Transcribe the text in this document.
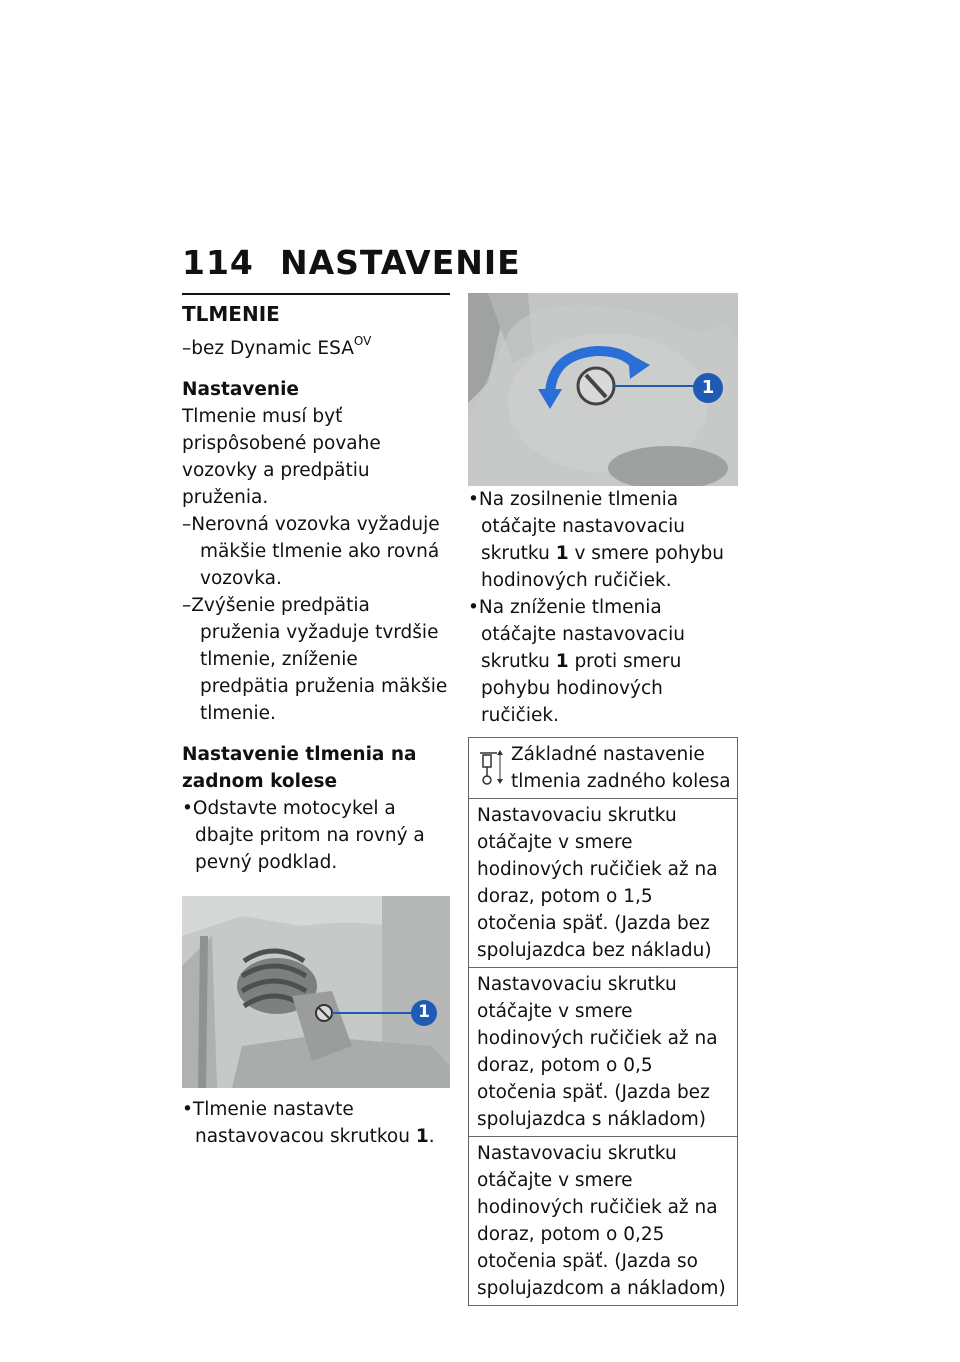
114 NASTAVENIE
TLMENIE

–bez Dynamic $ESA^{OV}$

Nastavenie

Tlmenie musí byť prispôsobené povahe vozovky a predpätiu pruženia.

–Nerovná vozovka vyžaduje mäkšie tlmenie ako rovná vozovka.

–Zvýšenie predpätia pruženia vyžaduje tvrdšie tlmenie, zníženie predpätia pruženia mäkšie tlmenie.

Nastavenie tlmenia na zadnom kolese

•Odstavte motocykel a dbajte pritom na rovný a pevný podklad.

1

•Tlmenie nastavte nastavovacou skrutkou 1.

1

•Na zosilnenie tlmenia otáčajte nastavovaciu skrutku 1 v smere pohybu hodinových ručičiek.

•Na zníženie tlmenia otáčajte nastavovaciu skrutku 1 proti smeru pohybu hodinových ručičiek.

Základné nastavenie tlmenia zadného kolesa

Nastavovaciu skrutku otáčajte v smere hodinových ručičiek až na doraz, potom o 1,5 otočenia späť. (Jazda bez spolujazdca bez nákladu)
Nastavovaciu skrutku otáčajte v smere hodinových ručičiek až na doraz, potom o 0,5 otočenia späť. (Jazda bez spolujazdca s nákladom)
Nastavovaciu skrutku otáčajte v smere hodinových ručičiek až na doraz, potom o 0,25 otočenia späť. (Jazda so spolujazdcom a nákladom)
